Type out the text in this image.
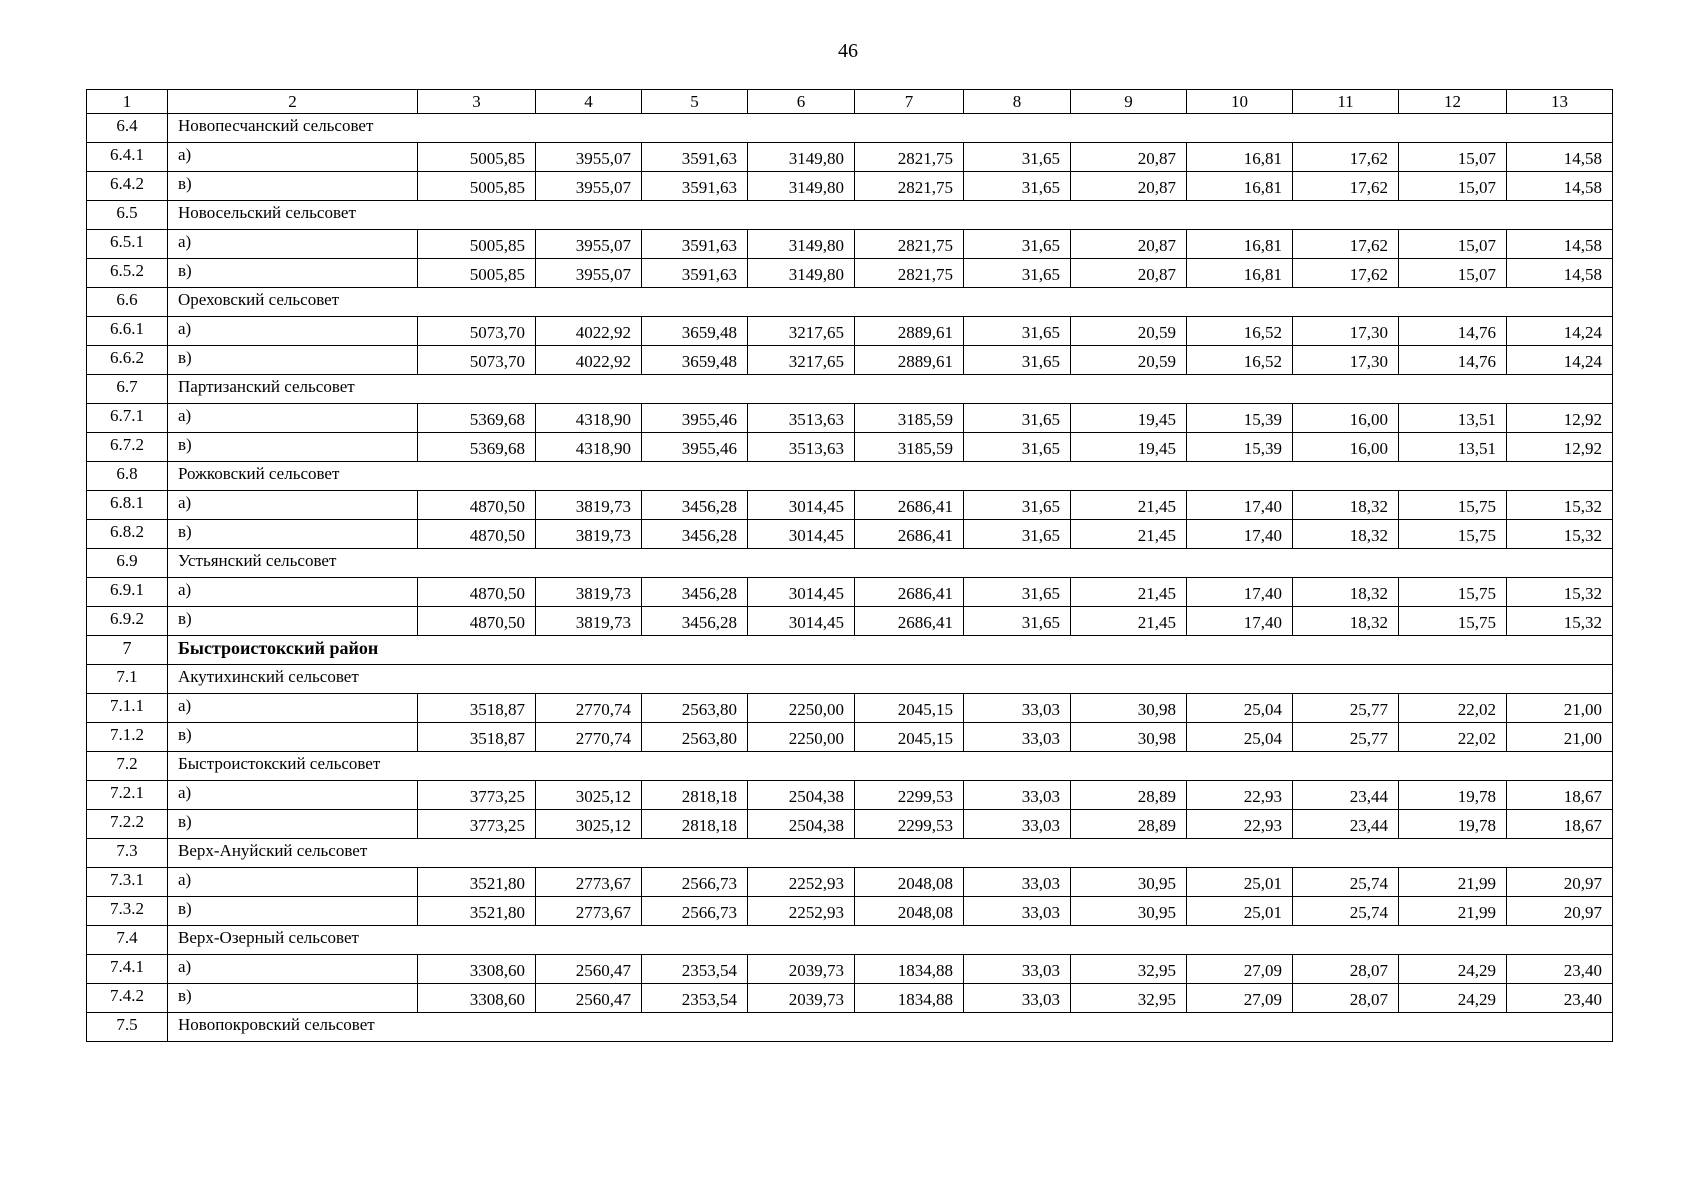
46
1	2	3	4	5	6	7	8	9	10	11	12	13
6.4	Новопесчанский сельсовет											
6.4.1	а)	5005,85	3955,07	3591,63	3149,80	2821,75	31,65	20,87	16,81	17,62	15,07	14,58
6.4.2	в)	5005,85	3955,07	3591,63	3149,80	2821,75	31,65	20,87	16,81	17,62	15,07	14,58
6.5	Новосельский сельсовет											
6.5.1	а)	5005,85	3955,07	3591,63	3149,80	2821,75	31,65	20,87	16,81	17,62	15,07	14,58
6.5.2	в)	5005,85	3955,07	3591,63	3149,80	2821,75	31,65	20,87	16,81	17,62	15,07	14,58
6.6	Ореховский сельсовет											
6.6.1	а)	5073,70	4022,92	3659,48	3217,65	2889,61	31,65	20,59	16,52	17,30	14,76	14,24
6.6.2	в)	5073,70	4022,92	3659,48	3217,65	2889,61	31,65	20,59	16,52	17,30	14,76	14,24
6.7	Партизанский сельсовет											
6.7.1	а)	5369,68	4318,90	3955,46	3513,63	3185,59	31,65	19,45	15,39	16,00	13,51	12,92
6.7.2	в)	5369,68	4318,90	3955,46	3513,63	3185,59	31,65	19,45	15,39	16,00	13,51	12,92
6.8	Рожковский сельсовет											
6.8.1	а)	4870,50	3819,73	3456,28	3014,45	2686,41	31,65	21,45	17,40	18,32	15,75	15,32
6.8.2	в)	4870,50	3819,73	3456,28	3014,45	2686,41	31,65	21,45	17,40	18,32	15,75	15,32
6.9	Устьянский сельсовет											
6.9.1	а)	4870,50	3819,73	3456,28	3014,45	2686,41	31,65	21,45	17,40	18,32	15,75	15,32
6.9.2	в)	4870,50	3819,73	3456,28	3014,45	2686,41	31,65	21,45	17,40	18,32	15,75	15,32
7	Быстроистокский район											
7.1	Акутихинский сельсовет											
7.1.1	а)	3518,87	2770,74	2563,80	2250,00	2045,15	33,03	30,98	25,04	25,77	22,02	21,00
7.1.2	в)	3518,87	2770,74	2563,80	2250,00	2045,15	33,03	30,98	25,04	25,77	22,02	21,00
7.2	Быстроистокский сельсовет											
7.2.1	а)	3773,25	3025,12	2818,18	2504,38	2299,53	33,03	28,89	22,93	23,44	19,78	18,67
7.2.2	в)	3773,25	3025,12	2818,18	2504,38	2299,53	33,03	28,89	22,93	23,44	19,78	18,67
7.3	Верх-Ануйский сельсовет											
7.3.1	а)	3521,80	2773,67	2566,73	2252,93	2048,08	33,03	30,95	25,01	25,74	21,99	20,97
7.3.2	в)	3521,80	2773,67	2566,73	2252,93	2048,08	33,03	30,95	25,01	25,74	21,99	20,97
7.4	Верх-Озерный сельсовет											
7.4.1	а)	3308,60	2560,47	2353,54	2039,73	1834,88	33,03	32,95	27,09	28,07	24,29	23,40
7.4.2	в)	3308,60	2560,47	2353,54	2039,73	1834,88	33,03	32,95	27,09	28,07	24,29	23,40
7.5	Новопокровский сельсовет											
